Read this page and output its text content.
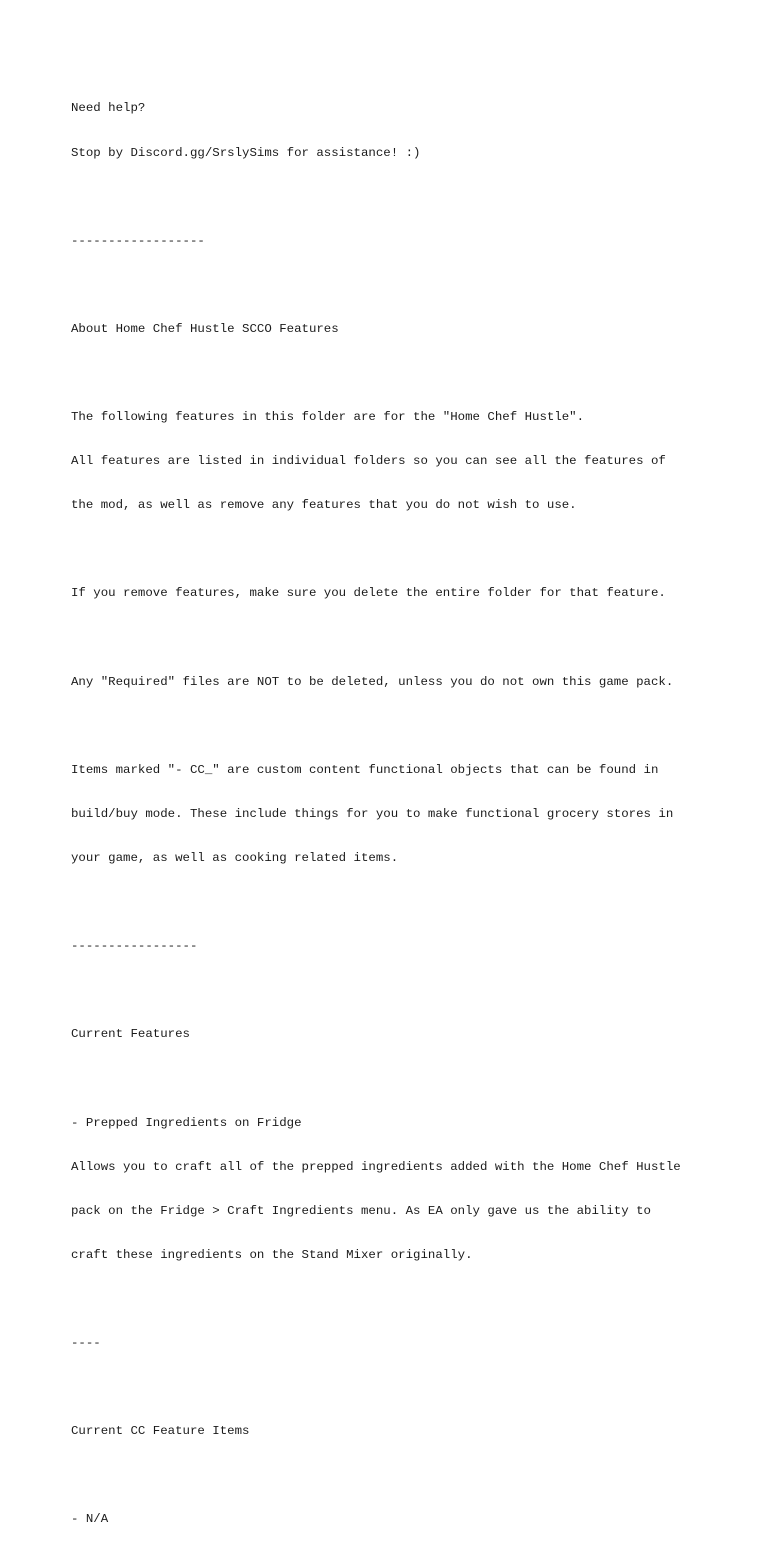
Need help?

Stop by Discord.gg/SrslySims for assistance! :)

------------------

About Home Chef Hustle SCCO Features

The following features in this folder are for the "Home Chef Hustle".

All features are listed in individual folders so you can see all the features of

the mod, as well as remove any features that you do not wish to use.

If you remove features, make sure you delete the entire folder for that feature.

Any "Required" files are NOT to be deleted, unless you do not own this game pack.

Items marked "- CC_" are custom content functional objects that can be found in

build/buy mode. These include things for you to make functional grocery stores in

your game, as well as cooking related items.

-----------------

Current Features

- Prepped Ingredients on Fridge

Allows you to craft all of the prepped ingredients added with the Home Chef Hustle

pack on the Fridge > Craft Ingredients menu. As EA only gave us the ability to

craft these ingredients on the Stand Mixer originally.

----

Current CC Feature Items

- N/A
